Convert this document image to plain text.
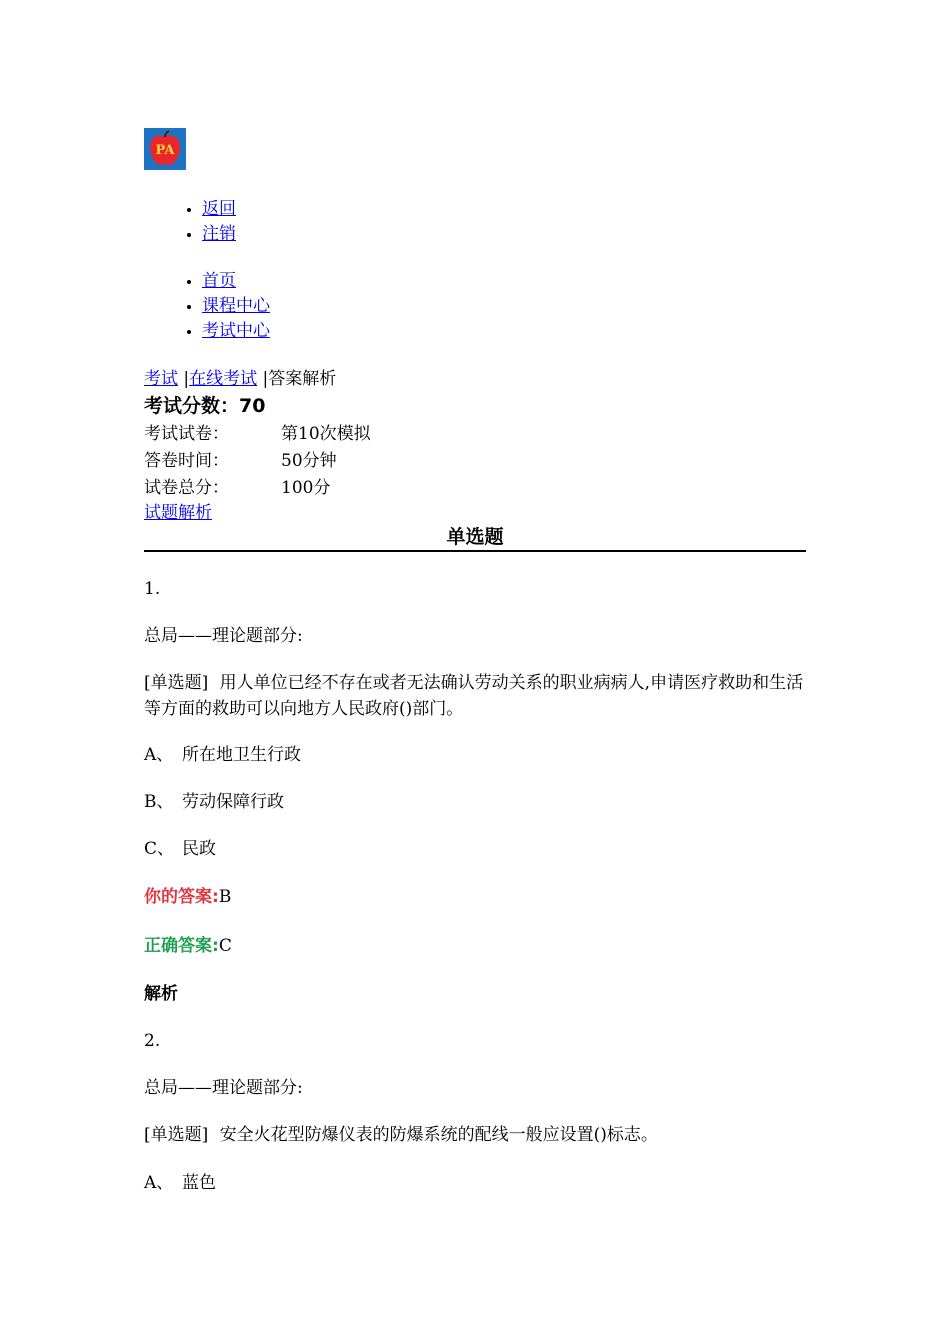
PA
• 返回
• 注销
• 首页
• 课程中心
• 考试中心
考试 |在线考试 |答案解析
考试分数：70
考试试卷：	第10次模拟
答卷时间：	50分钟
试卷总分：	100分
试题解析
单选题
1.
总局——理论题部分:
[单选题] 用人单位已经不存在或者无法确认劳动关系的职业病病人,申请医疗救助和生活等方面的救助可以向地方人民政府()部门。
A、 所在地卫生行政
B、 劳动保障行政
C、 民政
你的答案:B
正确答案:C
解析
2.
总局——理论题部分:
[单选题] 安全火花型防爆仪表的防爆系统的配线一般应设置()标志。
A、 蓝色
